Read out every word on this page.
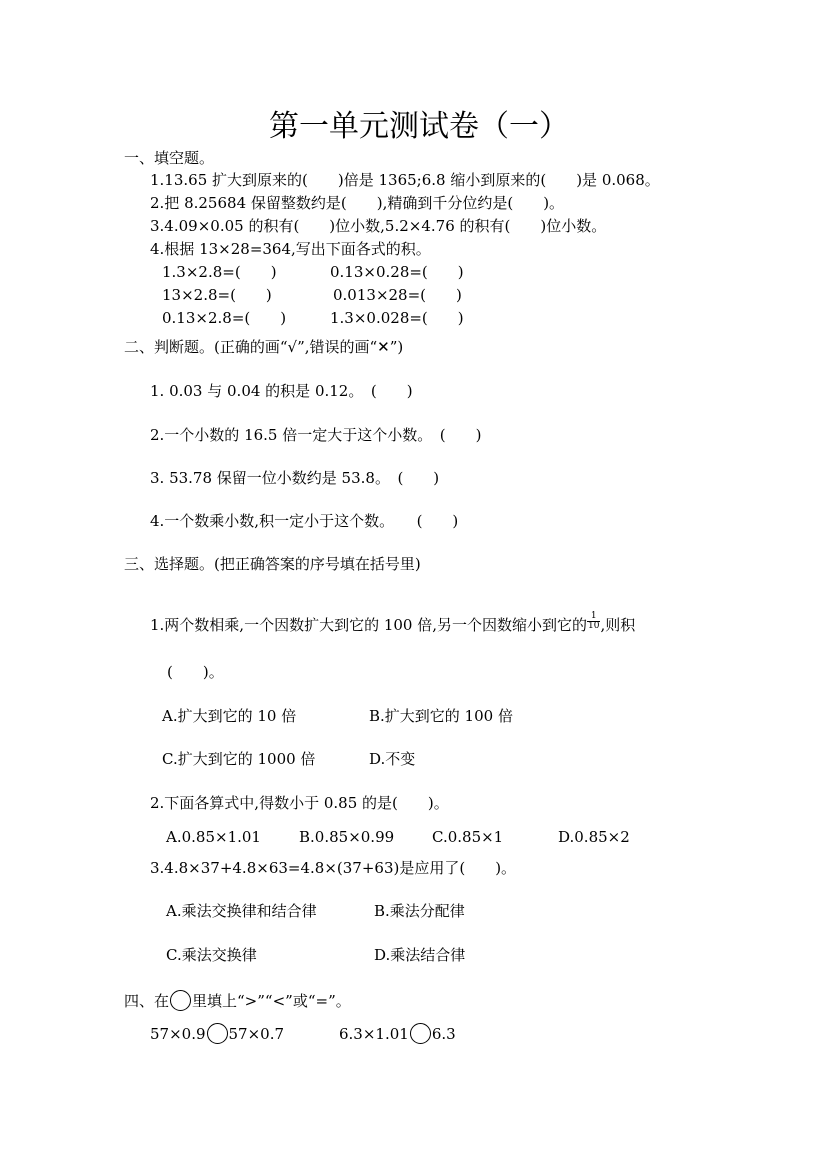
第一单元测试卷（一）
一、填空题。
1.13.65 扩大到原来的(　　)倍是 1365;6.8 缩小到原来的(　　)是 0.068。
2.把 8.25684 保留整数约是(　　),精确到千分位约是(　　)。
3.4.09×0.05 的积有(　　)位小数,5.2×4.76 的积有(　　)位小数。
4.根据 13×28=364,写出下面各式的积。
1.3×2.8=(　　)	0.13×0.28=(　　)
13×2.8=(　　)	0.013×28=(　　)
0.13×2.8=(　　)	1.3×0.028=(　　)
二、判断题。(正确的画“√”,错误的画“✕”)
1. 0.03 与 0.04 的积是 0.12。　(　　)
2.一个小数的 16.5 倍一定大于这个小数。　(　　)
3. 53.78 保留一位小数约是 53.8。　(　　)
4.一个数乘小数,积一定小于这个数。　　(　　)
三、选择题。(把正确答案的序号填在括号里)
1.两个数相乘,一个因数扩大到它的 100 倍,另一个因数缩小到它的 $\frac{1}{10}$ ,则积
(　　)。
A.扩大到它的 10 倍	B.扩大到它的 100 倍
C.扩大到它的 1000 倍	D.不变
2.下面各算式中,得数小于 0.85 的是(　　)。
A.0.85×1.01	B.0.85×0.99	C.0.85×1	D.0.85×2
3.4.8×37+4.8×63=4.8×(37+63)是应用了(　　)。
A.乘法交换律和结合律	B.乘法分配律
C.乘法交换律	D.乘法结合律
四、在 里填上“>”“<”或“=”。
57×0.9 57×0.7	6.3×1.01 6.3
